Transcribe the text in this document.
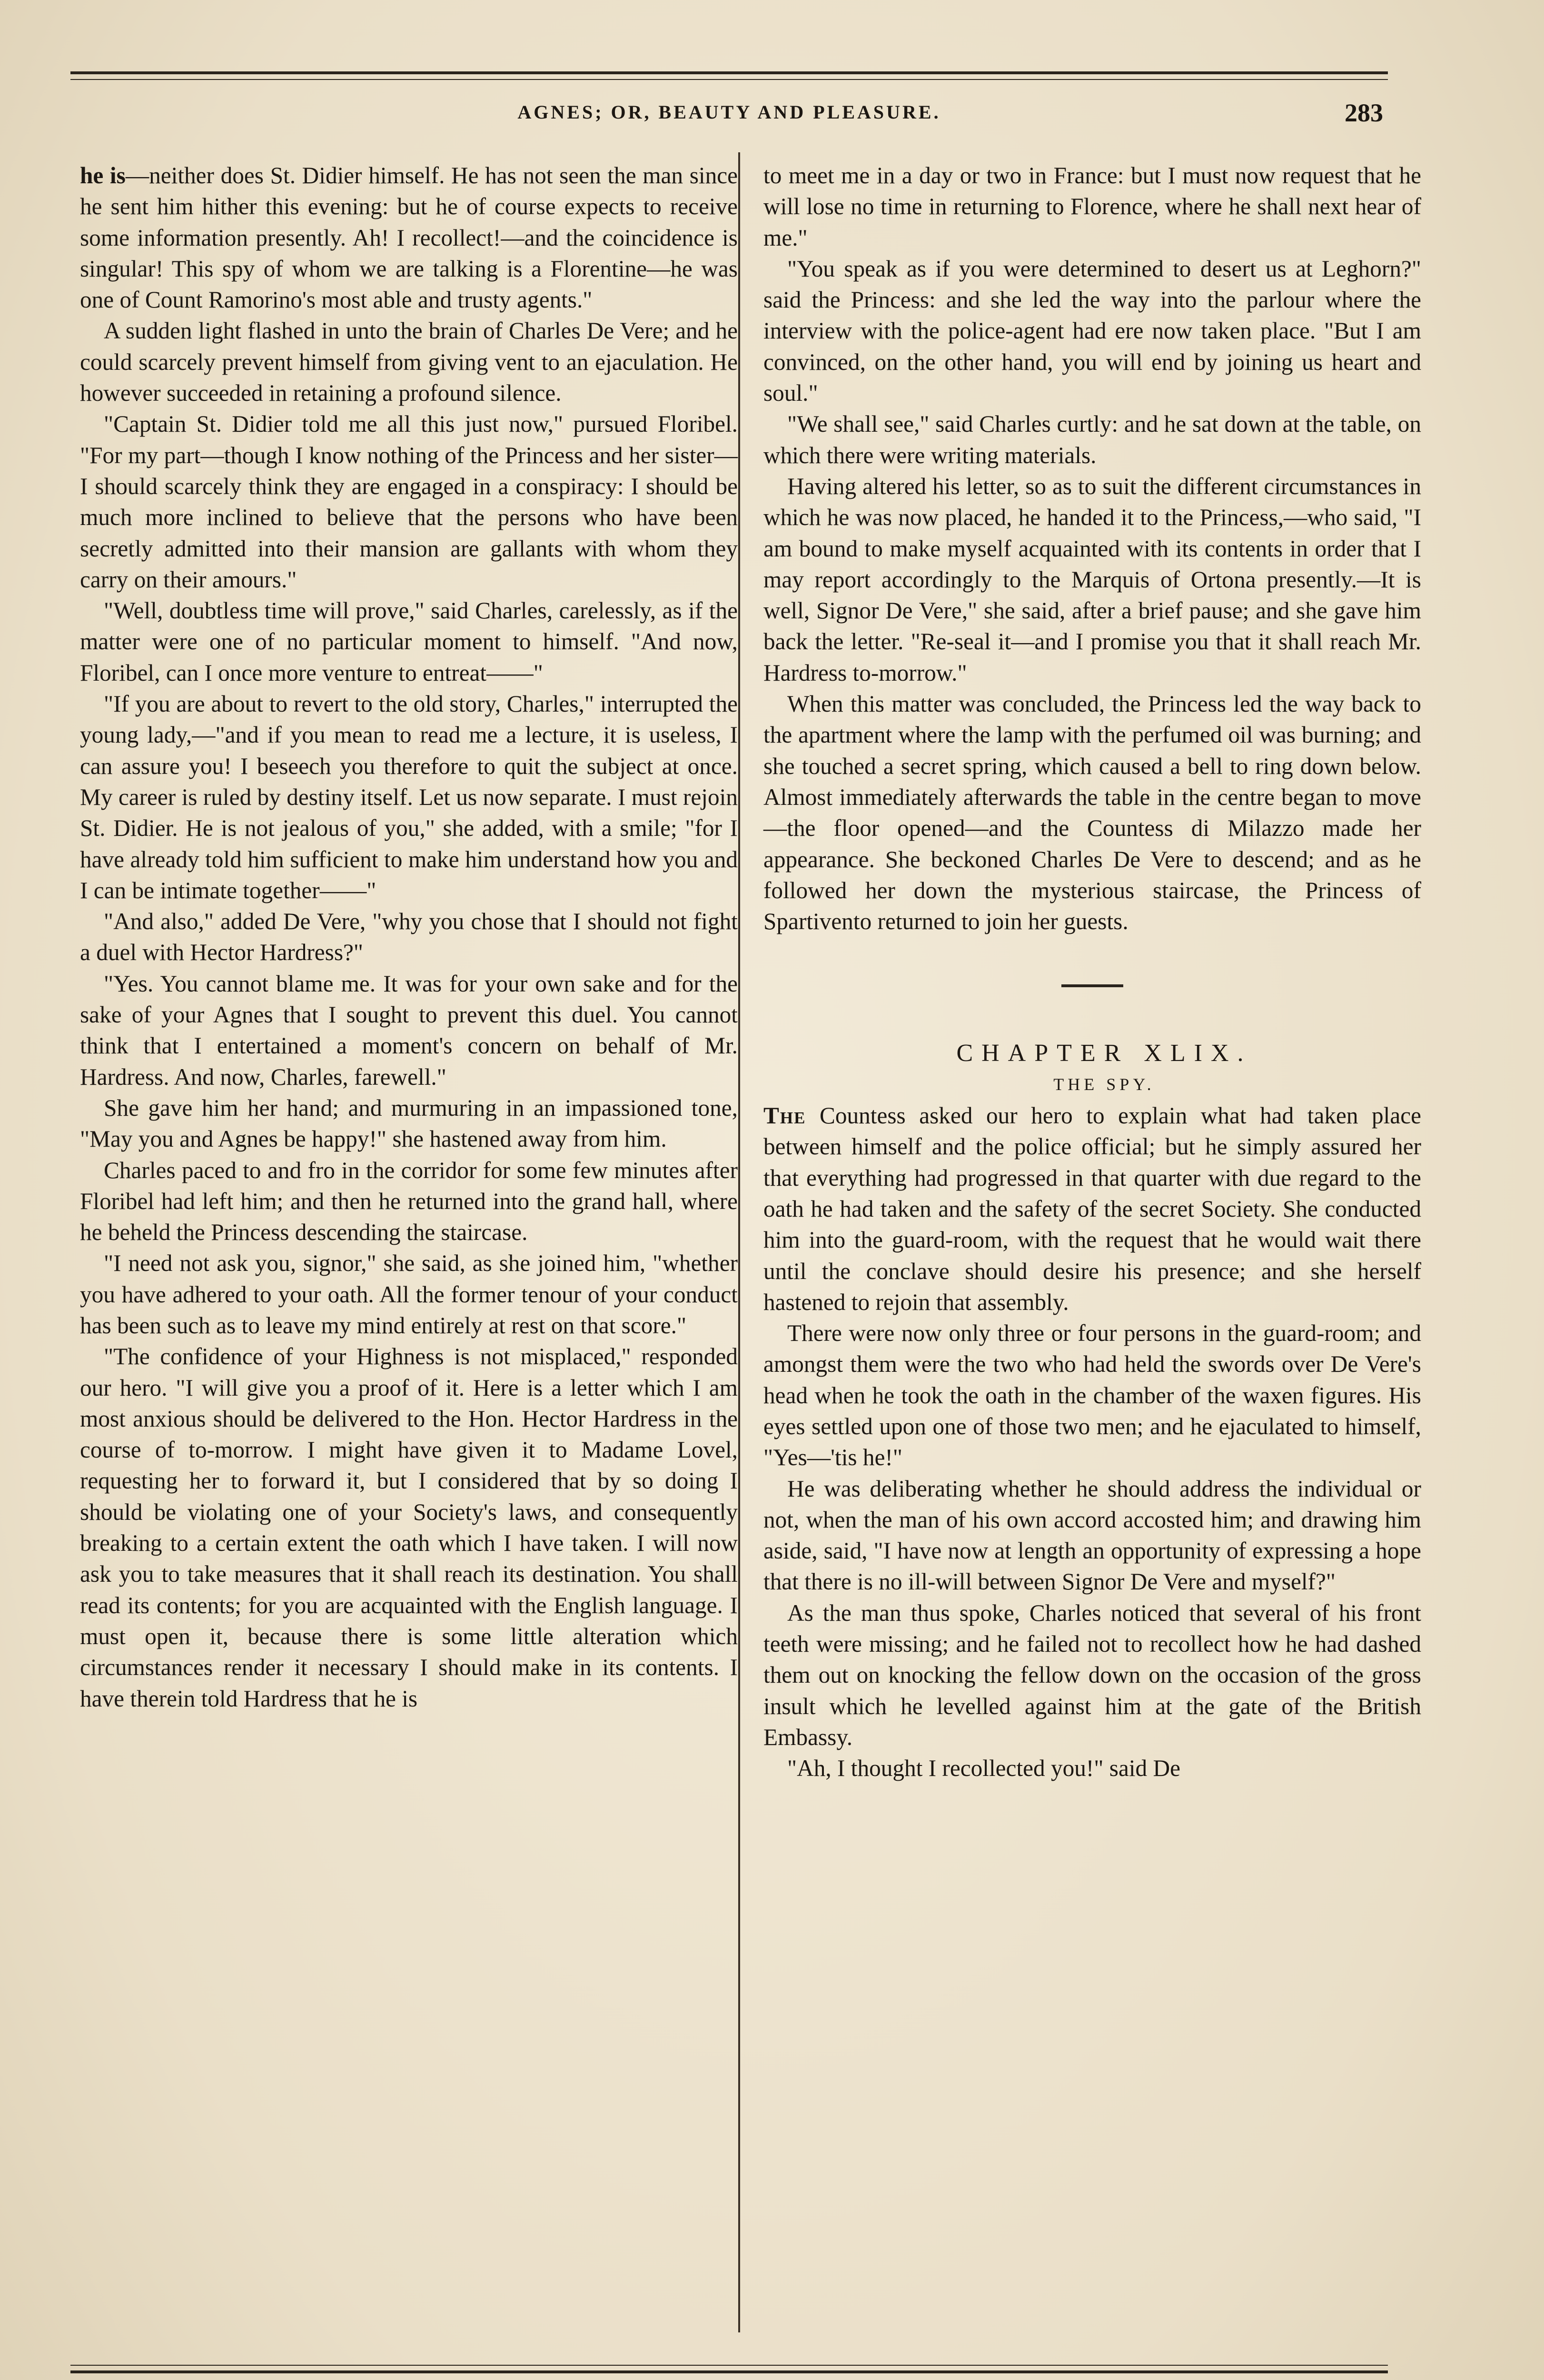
AGNES; OR, BEAUTY AND PLEASURE.	283

he is—neither does St. Didier himself. He has not seen the man since he sent him hither this evening: but he of course expects to receive some information presently. Ah! I recollect!—and the coincidence is singular! This spy of whom we are talking is a Florentine—he was one of Count Ramorino's most able and trusty agents."

A sudden light flashed in unto the brain of Charles De Vere; and he could scarcely prevent himself from giving vent to an ejaculation. He however succeeded in retaining a profound silence.

"Captain St. Didier told me all this just now," pursued Floribel. "For my part—though I know nothing of the Princess and her sister—I should scarcely think they are engaged in a conspiracy: I should be much more inclined to believe that the persons who have been secretly admitted into their mansion are gallants with whom they carry on their amours."

"Well, doubtless time will prove," said Charles, carelessly, as if the matter were one of no particular moment to himself. "And now, Floribel, can I once more venture to entreat——"

"If you are about to revert to the old story, Charles," interrupted the young lady,—"and if you mean to read me a lecture, it is useless, I can assure you! I beseech you therefore to quit the subject at once. My career is ruled by destiny itself. Let us now separate. I must rejoin St. Didier. He is not jealous of you," she added, with a smile; "for I have already told him sufficient to make him understand how you and I can be intimate together——"

"And also," added De Vere, "why you chose that I should not fight a duel with Hector Hardress?"

"Yes. You cannot blame me. It was for your own sake and for the sake of your Agnes that I sought to prevent this duel. You cannot think that I entertained a moment's concern on behalf of Mr. Hardress. And now, Charles, farewell."

She gave him her hand; and murmuring in an impassioned tone, "May you and Agnes be happy!" she hastened away from him.

Charles paced to and fro in the corridor for some few minutes after Floribel had left him; and then he returned into the grand hall, where he beheld the Princess descending the staircase.

"I need not ask you, signor," she said, as she joined him, "whether you have adhered to your oath. All the former tenour of your conduct has been such as to leave my mind entirely at rest on that score."

"The confidence of your Highness is not misplaced," responded our hero. "I will give you a proof of it. Here is a letter which I am most anxious should be delivered to the Hon. Hector Hardress in the course of to-morrow. I might have given it to Madame Lovel, requesting her to forward it, but I considered that by so doing I should be violating one of your Society's laws, and consequently breaking to a certain extent the oath which I have taken. I will now ask you to take measures that it shall reach its destination. You shall read its contents; for you are acquainted with the English language. I must open it, because there is some little alteration which circumstances render it necessary I should make in its contents. I have therein told Hardress that he is

to meet me in a day or two in France: but I must now request that he will lose no time in returning to Florence, where he shall next hear of me."

"You speak as if you were determined to desert us at Leghorn?" said the Princess: and she led the way into the parlour where the interview with the police-agent had ere now taken place. "But I am convinced, on the other hand, you will end by joining us heart and soul."

"We shall see," said Charles curtly: and he sat down at the table, on which there were writing materials.

Having altered his letter, so as to suit the different circumstances in which he was now placed, he handed it to the Princess,—who said, "I am bound to make myself acquainted with its contents in order that I may report accordingly to the Marquis of Ortona presently.—It is well, Signor De Vere," she said, after a brief pause; and she gave him back the letter. "Re-seal it—and I promise you that it shall reach Mr. Hardress to-morrow."

When this matter was concluded, the Princess led the way back to the apartment where the lamp with the perfumed oil was burning; and she touched a secret spring, which caused a bell to ring down below. Almost immediately afterwards the table in the centre began to move—the floor opened—and the Countess di Milazzo made her appearance. She beckoned Charles De Vere to descend; and as he followed her down the mysterious staircase, the Princess of Spartivento returned to join her guests.

CHAPTER XLIX.

THE SPY.

The Countess asked our hero to explain what had taken place between himself and the police official; but he simply assured her that everything had progressed in that quarter with due regard to the oath he had taken and the safety of the secret Society. She conducted him into the guard-room, with the request that he would wait there until the conclave should desire his presence; and she herself hastened to rejoin that assembly.

There were now only three or four persons in the guard-room; and amongst them were the two who had held the swords over De Vere's head when he took the oath in the chamber of the waxen figures. His eyes settled upon one of those two men; and he ejaculated to himself, "Yes—'tis he!"

He was deliberating whether he should address the individual or not, when the man of his own accord accosted him; and drawing him aside, said, "I have now at length an opportunity of expressing a hope that there is no ill-will between Signor De Vere and myself?"

As the man thus spoke, Charles noticed that several of his front teeth were missing; and he failed not to recollect how he had dashed them out on knocking the fellow down on the occasion of the gross insult which he levelled against him at the gate of the British Embassy.

"Ah, I thought I recollected you!" said De
